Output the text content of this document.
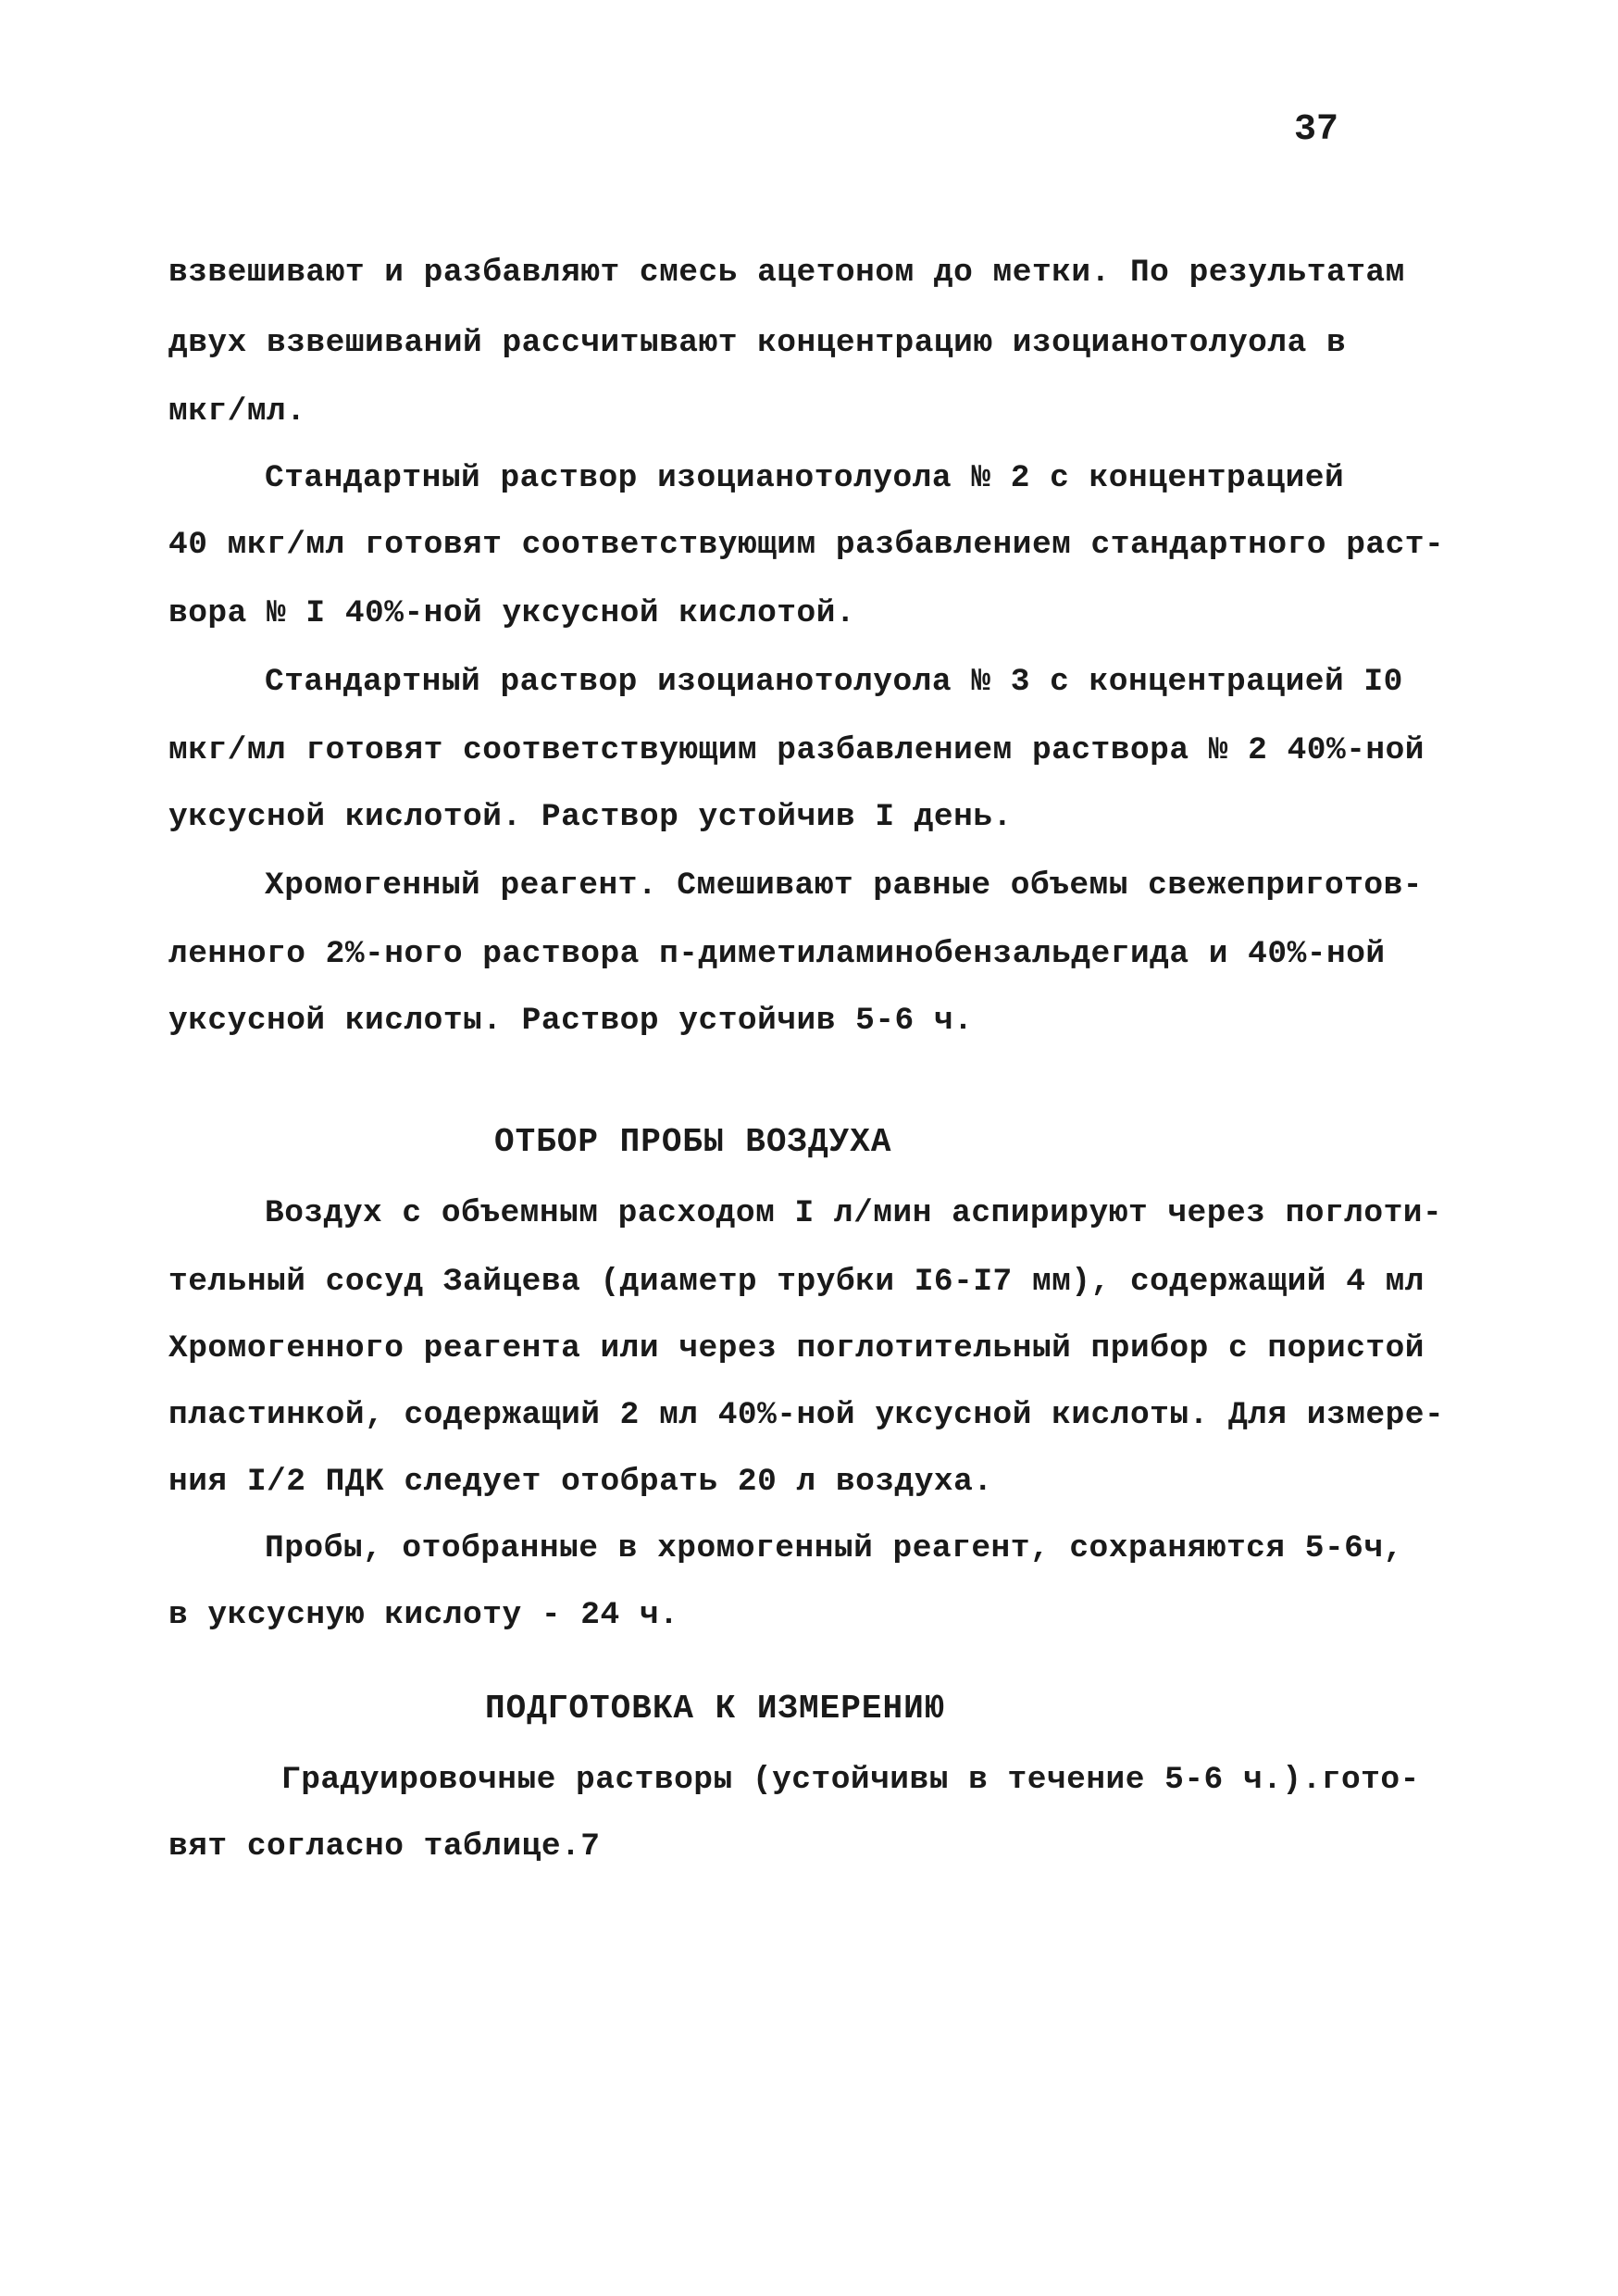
37
взвешивают и разбавляют смесь ацетоном до метки. По результатам
двух взвешиваний рассчитывают концентрацию изоцианотолуола в
мкг/мл.
Стандартный раствор изоцианотолуола № 2 с концентрацией
40 мкг/мл готовят соответствующим разбавлением стандартного раст-
вора № I 40%-ной уксусной кислотой.
Стандартный раствор изоцианотолуола № 3 с концентрацией I0
мкг/мл готовят соответствующим разбавлением раствора № 2 40%-ной
уксусной кислотой. Раствор устойчив I день.
Хромогенный реагент. Смешивают равные объемы свежеприготов-
ленного 2%-ного раствора п-диметиламинобензальдегида и 40%-ной
уксусной кислоты. Раствор устойчив 5-6 ч.
ОТБОР ПРОБЫ ВОЗДУХА
Воздух с объемным расходом I л/мин аспирируют через поглоти-
тельный сосуд Зайцева (диаметр трубки I6-I7 мм), содержащий 4 мл
Хромогенного реагента или через поглотительный прибор с пористой
пластинкой, содержащий 2 мл 40%-ной уксусной кислоты. Для измере-
ния I/2 ПДК следует отобрать 20 л воздуха.
Пробы, отобранные в хромогенный реагент, сохраняются 5-6ч,
в уксусную кислоту - 24 ч.
ПОДГОТОВКА К ИЗМЕРЕНИЮ
Градуировочные растворы (устойчивы в течение 5-6 ч.).гото-
вят согласно таблице.7
